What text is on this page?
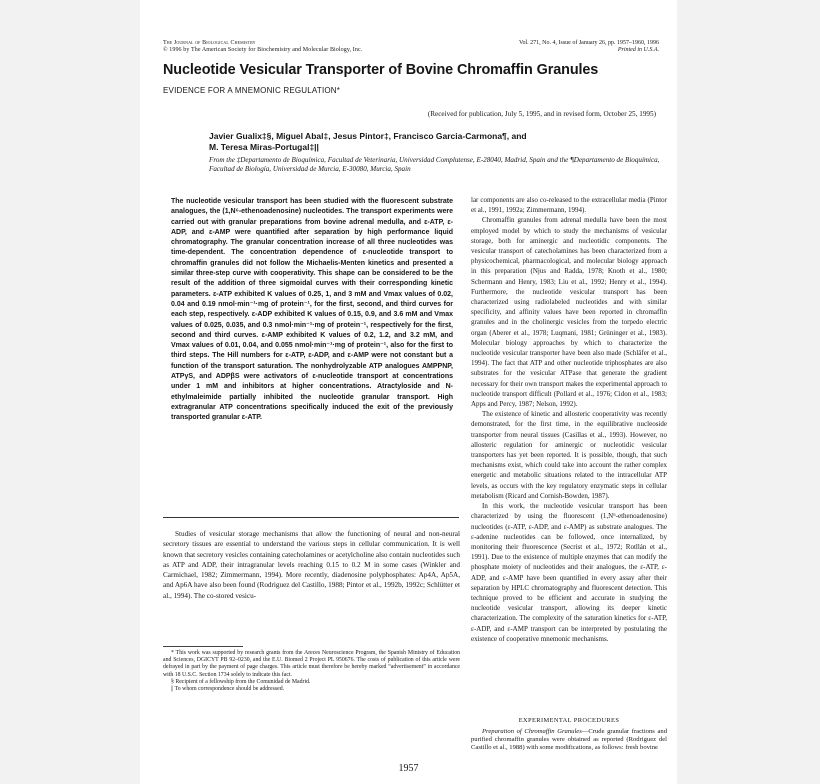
The Journal of Biological Chemistry
© 1996 by The American Society for Biochemistry and Molecular Biology, Inc.
Vol. 271, No. 4, Issue of January 26, pp. 1957–1960, 1996
Printed in U.S.A.
Nucleotide Vesicular Transporter of Bovine Chromaffin Granules
EVIDENCE FOR A MNEMONIC REGULATION*
(Received for publication, July 5, 1995, and in revised form, October 25, 1995)
Javier Gualix‡§, Miguel Abal‡, Jesus Pintor‡, Francisco Garcia-Carmona¶, and
M. Teresa Miras-Portugal‡||
From the ‡Departamento de Bioquímica, Facultad de Veterinaria, Universidad Complutense, E-28040, Madrid, Spain and the ¶Departamento de Bioquímica, Facultad de Biología, Universidad de Murcia, E-30080, Murcia, Spain
The nucleotide vesicular transport has been studied with the fluorescent substrate analogues, the (1,N⁶-ethenoadenosine) nucleotides. The transport experiments were carried out with granular preparations from bovine adrenal medulla, and ε-ATP, ε-ADP, and ε-AMP were quantified after separation by high performance liquid chromatography. The granular concentration increase of all three nucleotides was time-dependent. The concentration dependence of ε-nucleotide transport to chromaffin granules did not follow the Michaelis-Menten kinetics and presented a similar three-step curve with cooperativity. This shape can be considered to be the result of the addition of three sigmoidal curves with their corresponding kinetic parameters. ε-ATP exhibited K values of 0.25, 1, and 3 mM and Vmax values of 0.02, 0.04 and 0.19 nmol·min⁻¹·mg of protein⁻¹, for the first, second, and third curves for each step, respectively. ε-ADP exhibited K values of 0.15, 0.9, and 3.6 mM and Vmax values of 0.025, 0.035, and 0.3 nmol·min⁻¹·mg of protein⁻¹, respectively for the first, second and third curves. ε-AMP exhibited K values of 0.2, 1.2, and 3.2 mM, and Vmax values of 0.01, 0.04, and 0.055 nmol·min⁻¹·mg of protein⁻¹, also for the first to third steps. The Hill numbers for ε-ATP, ε-ADP, and ε-AMP were not constant but a function of the transport saturation. The nonhydrolyzable ATP analogues AMPPNP, ATPγS, and ADPβS were activators of ε-nucleotide transport at concentrations under 1 mM and inhibitors at higher concentrations. Atractyloside and N-ethylmaleimide partially inhibited the nucleotide granular transport. High extragranular ATP concentrations specifically induced the exit of the previously transported granular ε-ATP.
Studies of vesicular storage mechanisms that allow the functioning of neural and non-neural secretory tissues are essential to understand the various steps in cellular communication. It is well known that secretory vesicles containing catecholamines or acetylcholine also contain nucleotides such as ATP and ADP, their intragranular levels reaching 0.15 to 0.2 M in some cases (Winkler and Carmichael, 1982; Zimmermann, 1994). More recently, diadenosine polyphosphates: Ap4A, Ap5A, and Ap6A have also been found (Rodriguez del Castillo, 1988; Pintor et al., 1992b, 1992c; Schlütter et al., 1994). The co-stored vesicu-

* This work was supported by research grants from the Areces Neuroscience Program, the Spanish Ministry of Education and Sciences, DGICYT PB 92–0230, and the E.U. Biomed 2 Project PL 950676. The costs of publication of this article were defrayed in part by the payment of page charges. This article must therefore be hereby marked “advertisement” in accordance with 18 U.S.C. Section 1734 solely to indicate this fact.

§ Recipient of a fellowship from the Comunidad de Madrid.

|| To whom correspondence should be addressed.

lar components are also co-released to the extracellular media (Pintor et al., 1991, 1992a; Zimmermann, 1994).

Chromaffin granules from adrenal medulla have been the most employed model by which to study the mechanisms of vesicular storage, both for aminergic and nucleotidic components. The vesicular transport of catecholamines has been characterized from a physicochemical, pharmacological, and molecular biology approach in this preparation (Njus and Radda, 1978; Knoth et al., 1980; Schermann and Henry, 1983; Liu et al., 1992; Henry et al., 1994). Furthermore, the nucleotide vesicular transport has been characterized using radiolabeled nucleotides and with similar specificity, and affinity values have been reported in chromaffin granules and in the cholinergic vesicles from the torpedo electric organ (Aberer et al., 1978; Luqmani, 1981; Grüninger et al., 1983). Molecular biology approaches by which to characterize the nucleotide vesicular transporter have been also made (Schläfer et al., 1994). The fact that ATP and other nucleotide triphosphates are also substrates for the vesicular ATPase that generate the gradient necessary for their own transport makes the experimental approach to nucleotide transport difficult (Pollard et al., 1976; Cidon et al., 1983; Apps and Percy, 1987; Nelson, 1992).

The existence of kinetic and allosteric cooperativity was recently demonstrated, for the first time, in the equilibrative nucleoside transporter from neural tissues (Casillas et al., 1993). However, no allosteric regulation for aminergic or nucleotidic vesicular transporters has yet been reported. It is possible, though, that such mechanisms exist, which could take into account the rather complex energetic and metabolic situations related to the intracellular ATP levels, as occurs with the key regulatory enzymatic steps in cellular metabolism (Ricard and Cornish-Bowden, 1987).

In this work, the nucleotide vesicular transport has been characterized by using the fluorescent (1,N⁶-ethenoadenosine) nucleotides (ε-ATP, ε-ADP, and ε-AMP) as substrate analogues. The ε-adenine nucleotides can be followed, once internalized, by monitoring their fluorescence (Secrist et al., 1972; Rotllán et al., 1991). Due to the existence of multiple enzymes that can modify the phosphate moiety of nucleotides and their analogues, the ε-ATP, ε-ADP, and ε-AMP have been quantified in every assay after their separation by HPLC chromatography and fluorescent detection. This technique proved to be efficient and accurate in studying the nucleotide vesicular transport, allowing its deeper kinetic characterization. The complexity of the saturation kinetics for ε-ATP, ε-ADP, and ε-AMP transport can be interpreted by postulating the existence of cooperative mnemonic mechanisms.

EXPERIMENTAL PROCEDURES
Preparation of Chromaffin Granules—Crude granular fractions and purified chromaffin granules were obtained as reported (Rodriguez del Castillo et al., 1988) with some modifications, as follows: fresh bovine
1957
